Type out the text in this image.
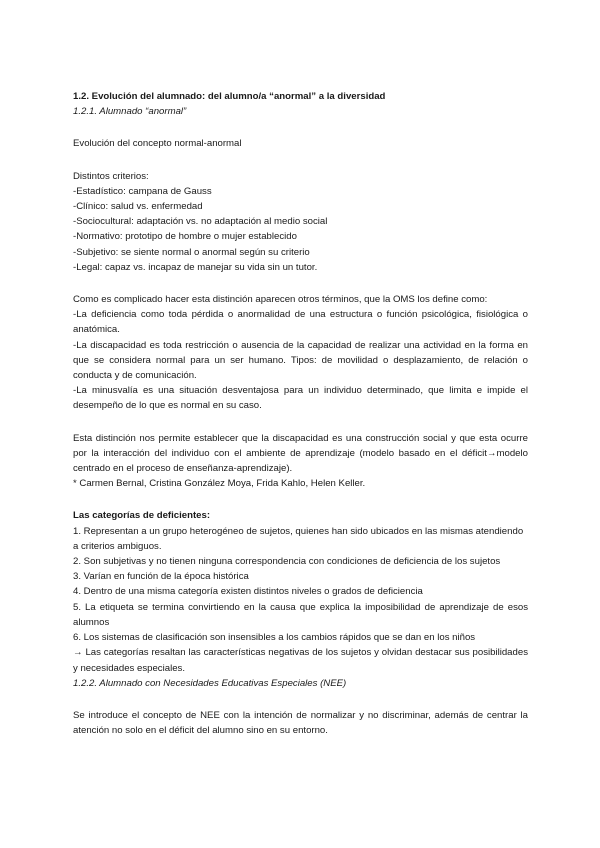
1.2. Evolución del alumnado: del alumno/a “anormal” a la diversidad

1.2.1. Alumnado “anormal”

Evolución del concepto normal-anormal

Distintos criterios:

-Estadístico: campana de Gauss

-Clínico: salud vs. enfermedad

-Sociocultural: adaptación vs. no adaptación al medio social

-Normativo: prototipo de hombre o mujer establecido

-Subjetivo: se siente normal o anormal según su criterio

-Legal: capaz vs. incapaz de manejar su vida sin un tutor.

Como es complicado hacer esta distinción aparecen otros términos, que la OMS los define como:

-La deficiencia como toda pérdida o anormalidad de una estructura o función psicológica, fisiológica o anatómica.

-La discapacidad es toda restricción o ausencia de la capacidad de realizar una actividad en la forma en que se considera normal para un ser humano. Tipos: de movilidad o desplazamiento, de relación o conducta y de comunicación.

-La minusvalía es una situación desventajosa para un individuo determinado, que limita e impide el desempeño de lo que es normal en su caso.

Esta distinción nos permite establecer que la discapacidad es una construcción social y que esta ocurre por la interacción del individuo con el ambiente de aprendizaje (modelo basado en el déficit→modelo centrado en el proceso de enseñanza-aprendizaje).

* Carmen Bernal, Cristina González Moya, Frida Kahlo, Helen Keller.

Las categorías de deficientes:

1. Representan a un grupo heterogéneo de sujetos, quienes han sido ubicados en las mismas atendiendo a criterios ambiguos.

2. Son subjetivas y no tienen ninguna correspondencia con condiciones de deficiencia de los sujetos

3. Varían en función de la época histórica

4. Dentro de una misma categoría existen distintos niveles o grados de deficiencia

5. La etiqueta se termina convirtiendo en la causa que explica la imposibilidad de aprendizaje de esos alumnos

6. Los sistemas de clasificación son insensibles a los cambios rápidos que se dan en los niños

→ Las categorías resaltan las características negativas de los sujetos y olvidan destacar sus posibilidades y necesidades especiales.

1.2.2. Alumnado con Necesidades Educativas Especiales (NEE)

Se introduce el concepto de NEE con la intención de normalizar y no discriminar, además de centrar la atención no solo en el déficit del alumno sino en su entorno.
